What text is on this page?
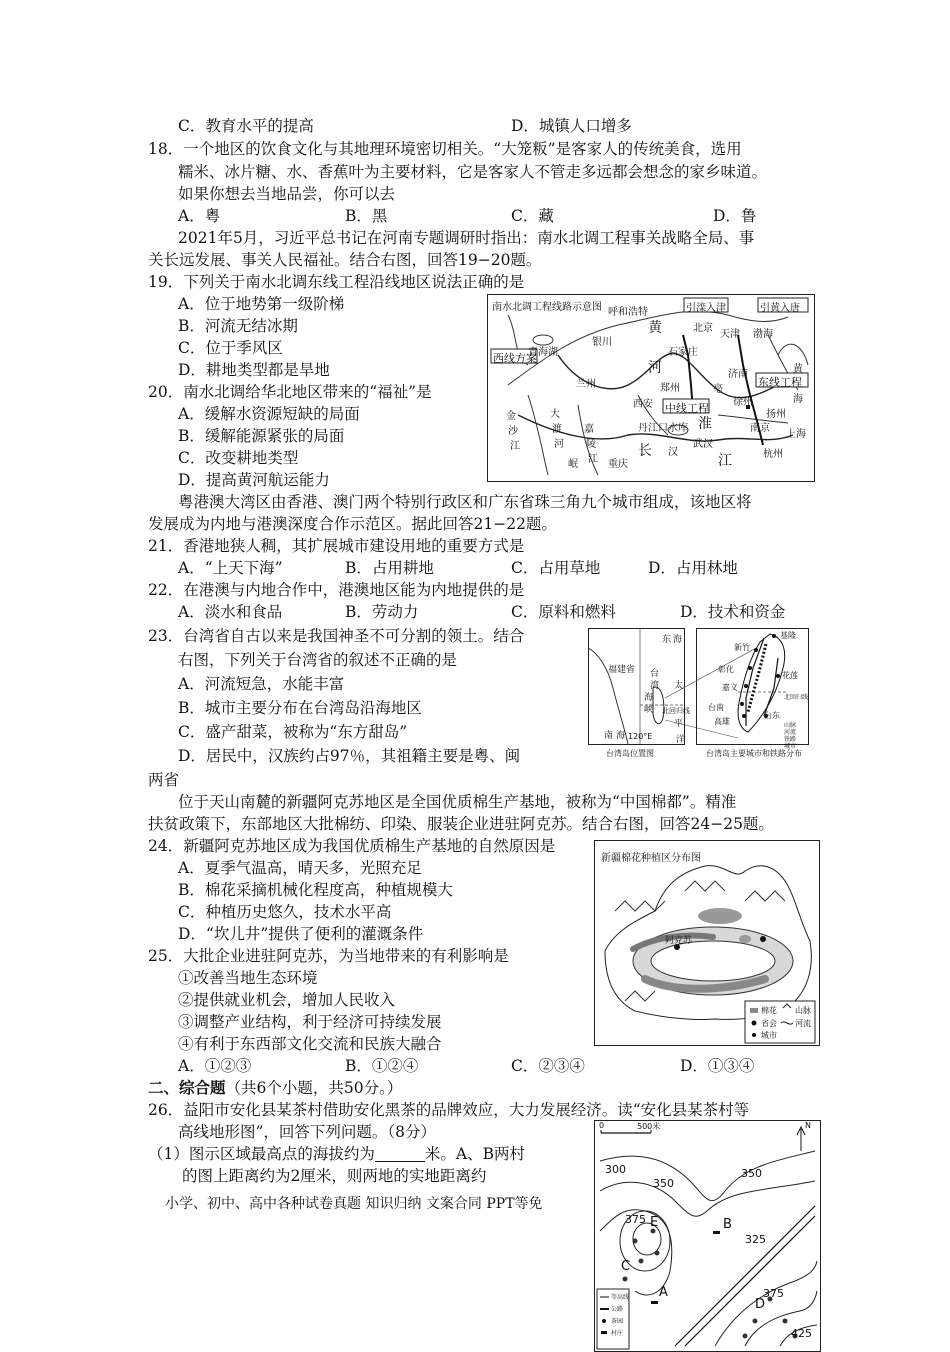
C．教育水平的提高	D．城镇人口增多
18．一个地区的饮食文化与其地理环境密切相关。“大笼粄”是客家人的传统美食，选用
糯米、冰片糖、水、香蕉叶为主要材料，它是客家人不管走多远都会想念的家乡味道。
如果你想去当地品尝，你可以去
A．粤	B．黑	C．藏	D．鲁
2021年5月，习近平总书记在河南专题调研时指出：南水北调工程事关战略全局、事
关长远发展、事关人民福祉。结合右图，回答19−20题。
19．下列关于南水北调东线工程沿线地区说法正确的是
A．位于地势第一级阶梯
B．河流无结冰期
C．位于季风区
D．耕地类型都是旱地
20．南水北调给华北地区带来的“福祉”是
A．缓解水资源短缺的局面
B．缓解能源紧张的局面
C．改变耕地类型
D．提高黄河航运能力
南水北调工程线路示意图	引滦入津	引黄入唐
西线方案
中线工程
东线工程
呼和浩特
北京
天津 渤海
青海湖
银川
石家庄
兰州	郑州
济南
西安	徐州
扬州
丹江口水库	南京
武汉
上海
杭州
重庆
黄
河
淮
长
江
黄
海
大
渡
河
金
沙
江
嘉
陵
汉
江
亳
岷
粤港澳大湾区由香港、澳门两个特别行政区和广东省珠三角九个城市组成，该地区将
发展成为内地与港澳深度合作示范区。据此回答21−22题。
21．香港地狭人稠，其扩展城市建设用地的重要方式是
A．“上天下海”	B．占用耕地	C．占用草地	D．占用林地
22．在港澳与内地合作中，港澳地区能为内地提供的是
A．淡水和食品	B．劳动力	C．原料和燃料	D．技术和资金
23．台湾省自古以来是我国神圣不可分割的领土。结合
右图，下列关于台湾省的叙述不正确的是
A．河流短急，水能丰富
B．城市主要分布在台湾岛沿海地区
C．盛产甜菜，被称为“东方甜岛”
D．居民中，汉族约占97％，其祖籍主要是粤、闽
两省
东 海
福建省 台
湾
海
峡
太
平
北回归线
南 海 120°E	洋
基隆
新竹
彰化
花莲
嘉义
台南
高雄
台东
北回归线
山脉
河流
铁路
城市
台湾岛位置图	台湾岛主要城市和铁路分布
位于天山南麓的新疆阿克苏地区是全国优质棉生产基地，被称为“中国棉都”。精准
扶贫政策下，东部地区大批棉纺、印染、服装企业进驻阿克苏。结合右图，回答24−25题。
24．新疆阿克苏地区成为我国优质棉生产基地的自然原因是
A．夏季气温高，晴天多，光照充足
B．棉花采摘机械化程度高，种植规模大
C．种植历史悠久，技术水平高
D．“坎儿井”提供了便利的灌溉条件
25．大批企业进驻阿克苏，为当地带来的有利影响是
①改善当地生态环境
②提供就业机会，增加人民收入
③调整产业结构，利于经济可持续发展
④有利于东西部文化交流和民族大融合
A．①②③	B．①②④	C．②③④	D．①③④
新疆棉花种植区分布图
阿克苏
棉花 山脉
省会 河流
城市
二、综合题（共6个小题，共50分。）
26．益阳市安化县某茶村借助安化黑茶的品牌效应，大力发展经济。读“安化县某茶村等
高线地形图”，回答下列问题。（8分）
（1）图示区域最高点的海拔约为	米。A、B两村
的图上距离约为2厘米，则两地的实地距离约
小学、初中、高中各种试卷真题 知识归纳 文案合同 PPT等免
0	500米	N
300
350
350
375
375
325
425
A
B
C
D
E
等高线
公路
茶园
村庄
